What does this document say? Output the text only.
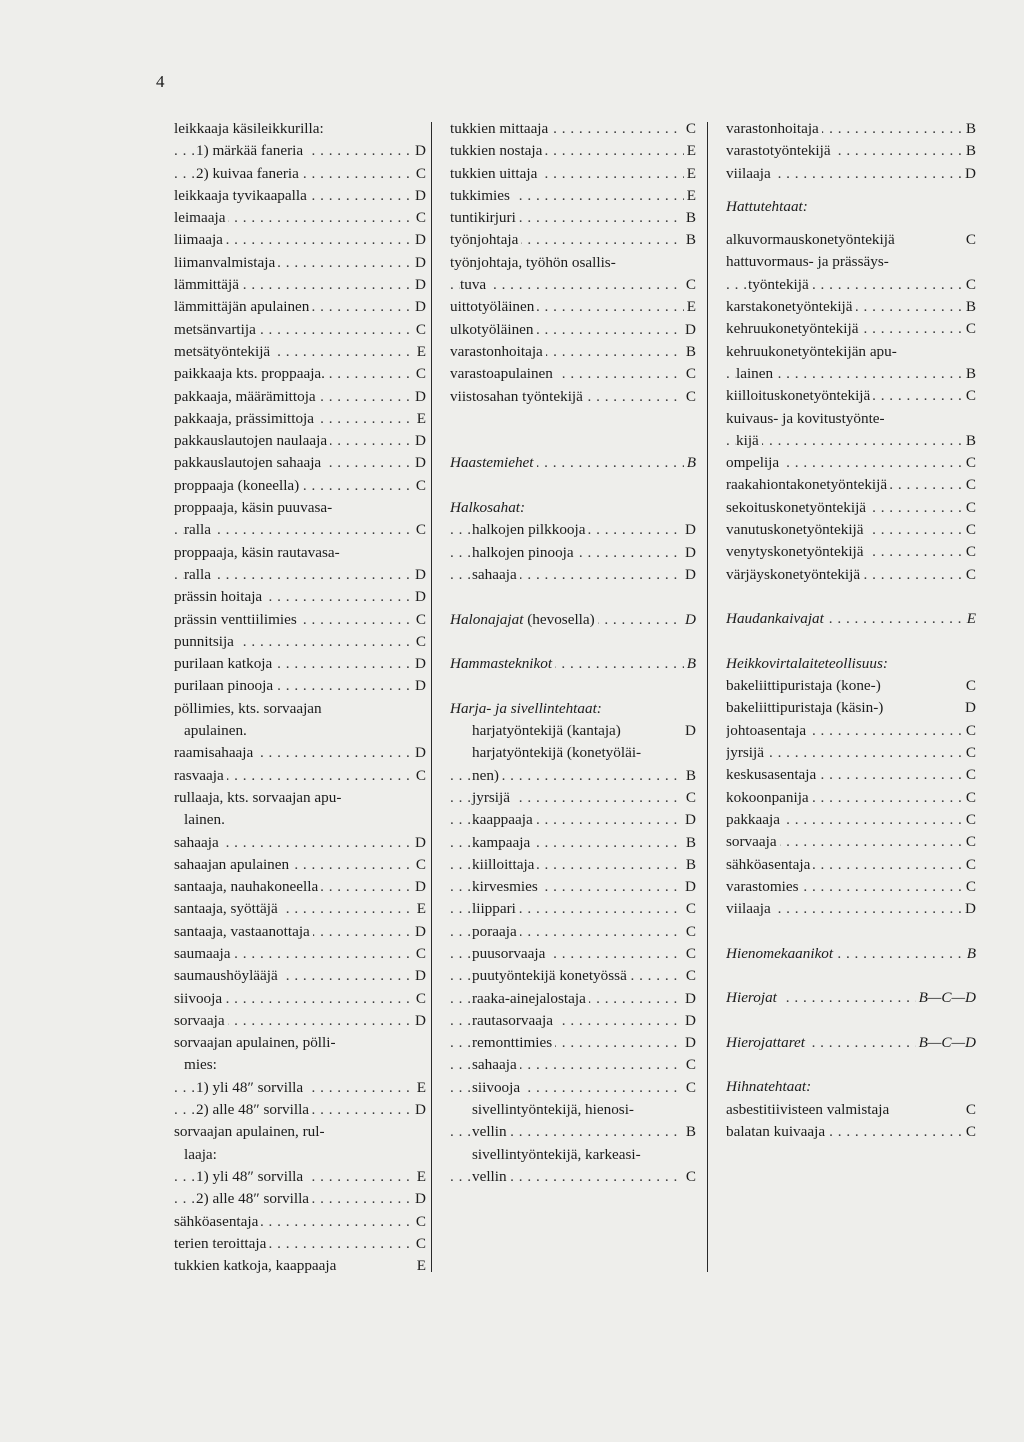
4
leikkaaja käsileikkurilla:
. . . 1) märkää faneria	D
. . . 2) kuivaa faneria	C
. . . leikkaaja tyvikaapalla	D
. . . leimaaja	C
. . . liimaaja	D
. . . liimanvalmistaja	D
. . . lämmittäjä	D
. . . lämmittäjän apulainen	D
. . . metsänvartija	C
. . . metsätyöntekijä	E
. . . paikkaaja kts. proppaaja.	C
. . . pakkaaja, määrämittoja	D
. . . pakkaaja, prässimittoja	E
. . . pakkauslautojen naulaaja	D
. . . pakkauslautojen sahaaja	D
. . . proppaaja (koneella)	C
proppaaja, käsin puuvasa-
. . . ralla	C
proppaaja, käsin rautavasa-
. . . ralla	D
. . . prässin hoitaja	D
. . . prässin venttiilimies	C
. . . punnitsija	C
. . . purilaan katkoja	D
. . . purilaan pinooja	D
pöllimies, kts. sorvaajan
apulainen.
. . . raamisahaaja	D
. . . rasvaaja	C
rullaaja, kts. sorvaajan apu-
lainen.
. . . sahaaja	D
. . . sahaajan apulainen	C
. . . santaaja, nauhakoneella	D
. . . santaaja, syöttäjä	E
. . . santaaja, vastaanottaja	D
. . . saumaaja	C
. . . saumaushöylääjä	D
. . . siivooja	C
. . . sorvaaja	D
sorvaajan apulainen, pölli-
mies:
. . . 1) yli 48″ sorvilla	E
. . . 2) alle 48″ sorvilla	D
sorvaajan apulainen, rul-
laaja:
. . . 1) yli 48″ sorvilla	E
. . . 2) alle 48″ sorvilla	D
. . . sähköasentaja	C
. . . terien teroittaja	C
tukkien katkoja, kaappaaja	E
. . . tukkien mittaaja	C
. . . tukkien nostaja	E
. . . tukkien uittaja	E
. . . tukkimies	E
. . . tuntikirjuri	B
. . . työnjohtaja	B
työnjohtaja, työhön osallis-
. . . tuva	C
. . . uittotyöläinen	E
. . . ulkotyöläinen	D
. . . varastonhoitaja	B
. . . varastoapulainen	C
. . . viistosahan työntekijä	C
. . . Haastemiehet	B
Halkosahat:
. . . halkojen pilkkooja	D
. . . halkojen pinooja	D
. . . sahaaja	D
. . . Halonajajat (hevosella)	D
. . . Hammasteknikot	B
Harja- ja sivellintehtaat:
harjatyöntekijä (kantaja)	D
harjatyöntekijä (konetyöläi-
. . . nen)	B
. . . jyrsijä	C
. . . kaappaaja	D
. . . kampaaja	B
. . . kiilloittaja	B
. . . kirvesmies	D
. . . liippari	C
. . . poraaja	C
. . . puusorvaaja	C
. . . puutyöntekijä konetyössä	C
. . . raaka-ainejalostaja	D
. . . rautasorvaaja	D
. . . remonttimies	D
. . . sahaaja	C
. . . siivooja	C
sivellintyöntekijä, hienosi-
. . . vellin	B
sivellintyöntekijä, karkeasi-
. . . vellin	C
. . . varastonhoitaja	B
. . . varastotyöntekijä	B
. . . viilaaja	D
Hattutehtaat:
alkuvormauskonetyöntekijä	C
hattuvormaus- ja prässäys-
. . . työntekijä	C
. . . karstakonetyöntekijä	B
. . . kehruukonetyöntekijä	C
kehruukonetyöntekijän apu-
. . . lainen	B
. . . kiilloituskonetyöntekijä	C
kuivaus- ja kovitustyönte-
. . . kijä	B
. . . ompelija	C
. . . raakahiontakonetyöntekijä	C
. . . sekoituskonetyöntekijä	C
. . . vanutuskonetyöntekijä	C
. . . venytyskonetyöntekijä	C
. . . värjäyskonetyöntekijä	C
. . . Haudankaivajat	E
Heikkovirtalaiteteollisuus:
bakeliittipuristaja (kone-)	C
bakeliittipuristaja (käsin-)	D
. . . johtoasentaja	C
. . . jyrsijä	C
. . . keskusasentaja	C
. . . kokoonpanija	C
. . . pakkaaja	C
. . . sorvaaja	C
. . . sähköasentaja	C
. . . varastomies	C
. . . viilaaja	D
. . . Hienomekaanikot	B
. . . Hierojat	B—C—D
. . . Hierojattaret	B—C—D
Hihnatehtaat:
asbestitiivisteen valmistaja	C
. . . balatan kuivaaja	C
